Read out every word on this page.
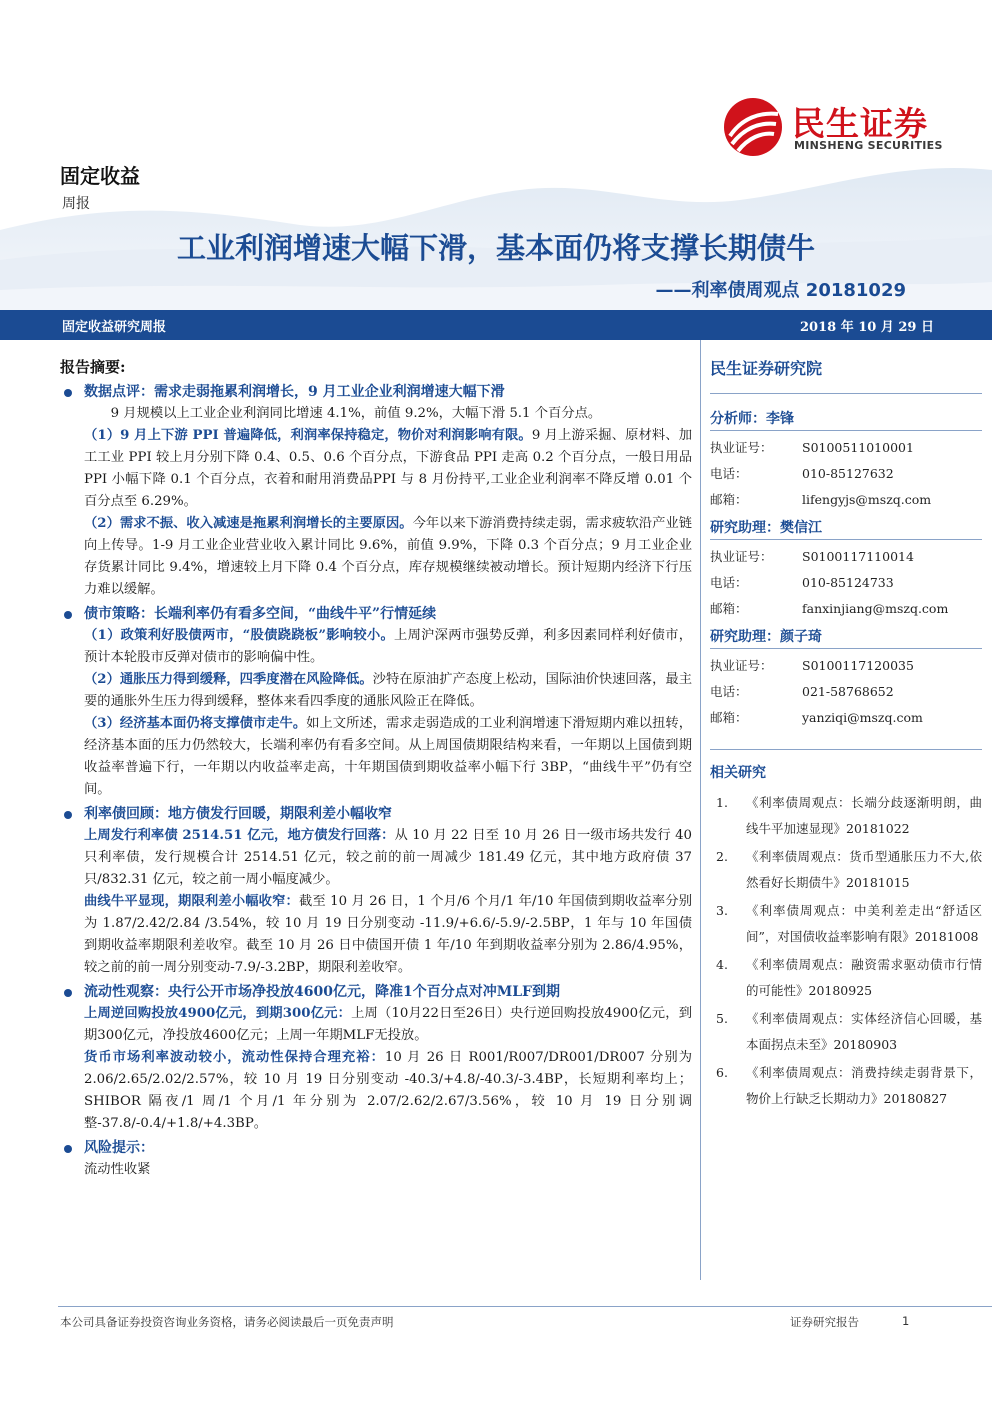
民生证券
MINSHENG SECURITIES
固定收益
周报
工业利润增速大幅下滑，基本面仍将支撑长期债牛
——利率债周观点 20181029
固定收益研究周报	2018 年 10 月 29 日
报告摘要:
数据点评：需求走弱拖累利润增长，9 月工业企业利润增速大幅下滑
9 月规模以上工业企业利润同比增速 4.1%，前值 9.2%，大幅下滑 5.1 个百分点。
（1）9 月上下游 PPI 普遍降低，利润率保持稳定，物价对利润影响有限。9 月上游采掘、原材料、加工工业 PPI 较上月分别下降 0.4、0.5、0.6 个百分点，下游食品 PPI 走高 0.2 个百分点，一般日用品 PPI 小幅下降 0.1 个百分点，衣着和耐用消费品PPI 与 8 月份持平,工业企业利润率不降反增 0.01 个百分点至 6.29%。
（2）需求不振、收入减速是拖累利润增长的主要原因。今年以来下游消费持续走弱，需求疲软沿产业链向上传导。1-9 月工业企业营业收入累计同比 9.6%，前值 9.9%，下降 0.3 个百分点；9 月工业企业存货累计同比 9.4%，增速较上月下降 0.4 个百分点，库存规模继续被动增长。预计短期内经济下行压力难以缓解。
债市策略：长端利率仍有看多空间，“曲线牛平”行情延续
（1）政策利好股债两市，“股债跷跷板”影响较小。上周沪深两市强势反弹，利多因素同样利好债市，预计本轮股市反弹对债市的影响偏中性。
（2）通胀压力得到缓释，四季度潜在风险降低。沙特在原油扩产态度上松动，国际油价快速回落，最主要的通胀外生压力得到缓释，整体来看四季度的通胀风险正在降低。
（3）经济基本面仍将支撑债市走牛。如上文所述，需求走弱造成的工业利润增速下滑短期内难以扭转，经济基本面的压力仍然较大，长端利率仍有看多空间。从上周国债期限结构来看，一年期以上国债到期收益率普遍下行，一年期以内收益率走高，十年期国债到期收益率小幅下行 3BP，“曲线牛平”仍有空间。
利率债回顾：地方债发行回暖，期限利差小幅收窄
上周发行利率债 2514.51 亿元，地方债发行回落：从 10 月 22 日至 10 月 26 日一级市场共发行 40 只利率债，发行规模合计 2514.51 亿元，较之前的前一周减少 181.49 亿元，其中地方政府债 37 只/832.31 亿元，较之前一周小幅度减少。
曲线牛平显现，期限利差小幅收窄：截至 10 月 26 日，1 个月/6 个月/1 年/10 年国债到期收益率分别为 1.87/2.42/2.84 /3.54%，较 10 月 19 日分别变动 -11.9/+6.6/-5.9/-2.5BP，1 年与 10 年国债到期收益率期限利差收窄。截至 10 月 26 日中债国开债 1 年/10 年到期收益率分别为 2.86/4.95%，较之前的前一周分别变动-7.9/-3.2BP，期限利差收窄。
流动性观察：央行公开市场净投放4600亿元，降准1个百分点对冲MLF到期
上周逆回购投放4900亿元，到期300亿元：上周（10月22日至26日）央行逆回购投放4900亿元，到期300亿元，净投放4600亿元；上周一年期MLF无投放。
货币市场利率波动较小，流动性保持合理充裕：10 月 26 日 R001/R007/DR001/DR007 分别为 2.06/2.65/2.02/2.57%，较 10 月 19 日分别变动 -40.3/+4.8/-40.3/-3.4BP，长短期利率均上；SHIBOR 隔夜/1 周/1 个月/1 年分别为 2.07/2.62/2.67/3.56%，较 10 月 19 日分别调整-37.8/-0.4/+1.8/+4.3BP。
风险提示：
流动性收紧
民生证券研究院
分析师：李锋
执业证号：	S0100511010001
电话：	010-85127632
邮箱：	lifengyjs@mszq.com
研究助理：樊信江
执业证号：	S0100117110014
电话：	010-85124733
邮箱：	fanxinjiang@mszq.com
研究助理：颜子琦
执业证号：	S0100117120035
电话：	021-58768652
邮箱：	yanziqi@mszq.com
相关研究
1. 《利率债周观点：长端分歧逐渐明朗，曲线牛平加速显现》20181022
2. 《利率债周观点：货币型通胀压力不大,依然看好长期债牛》20181015
3. 《利率债周观点：中美利差走出“舒适区间”，对国债收益率影响有限》20181008
4. 《利率债周观点：融资需求驱动债市行情的可能性》20180925
5. 《利率债周观点：实体经济信心回暖，基本面拐点未至》20180903
6. 《利率债周观点：消费持续走弱背景下，物价上行缺乏长期动力》20180827
本公司具备证券投资咨询业务资格，请务必阅读最后一页免责声明	证券研究报告	1
